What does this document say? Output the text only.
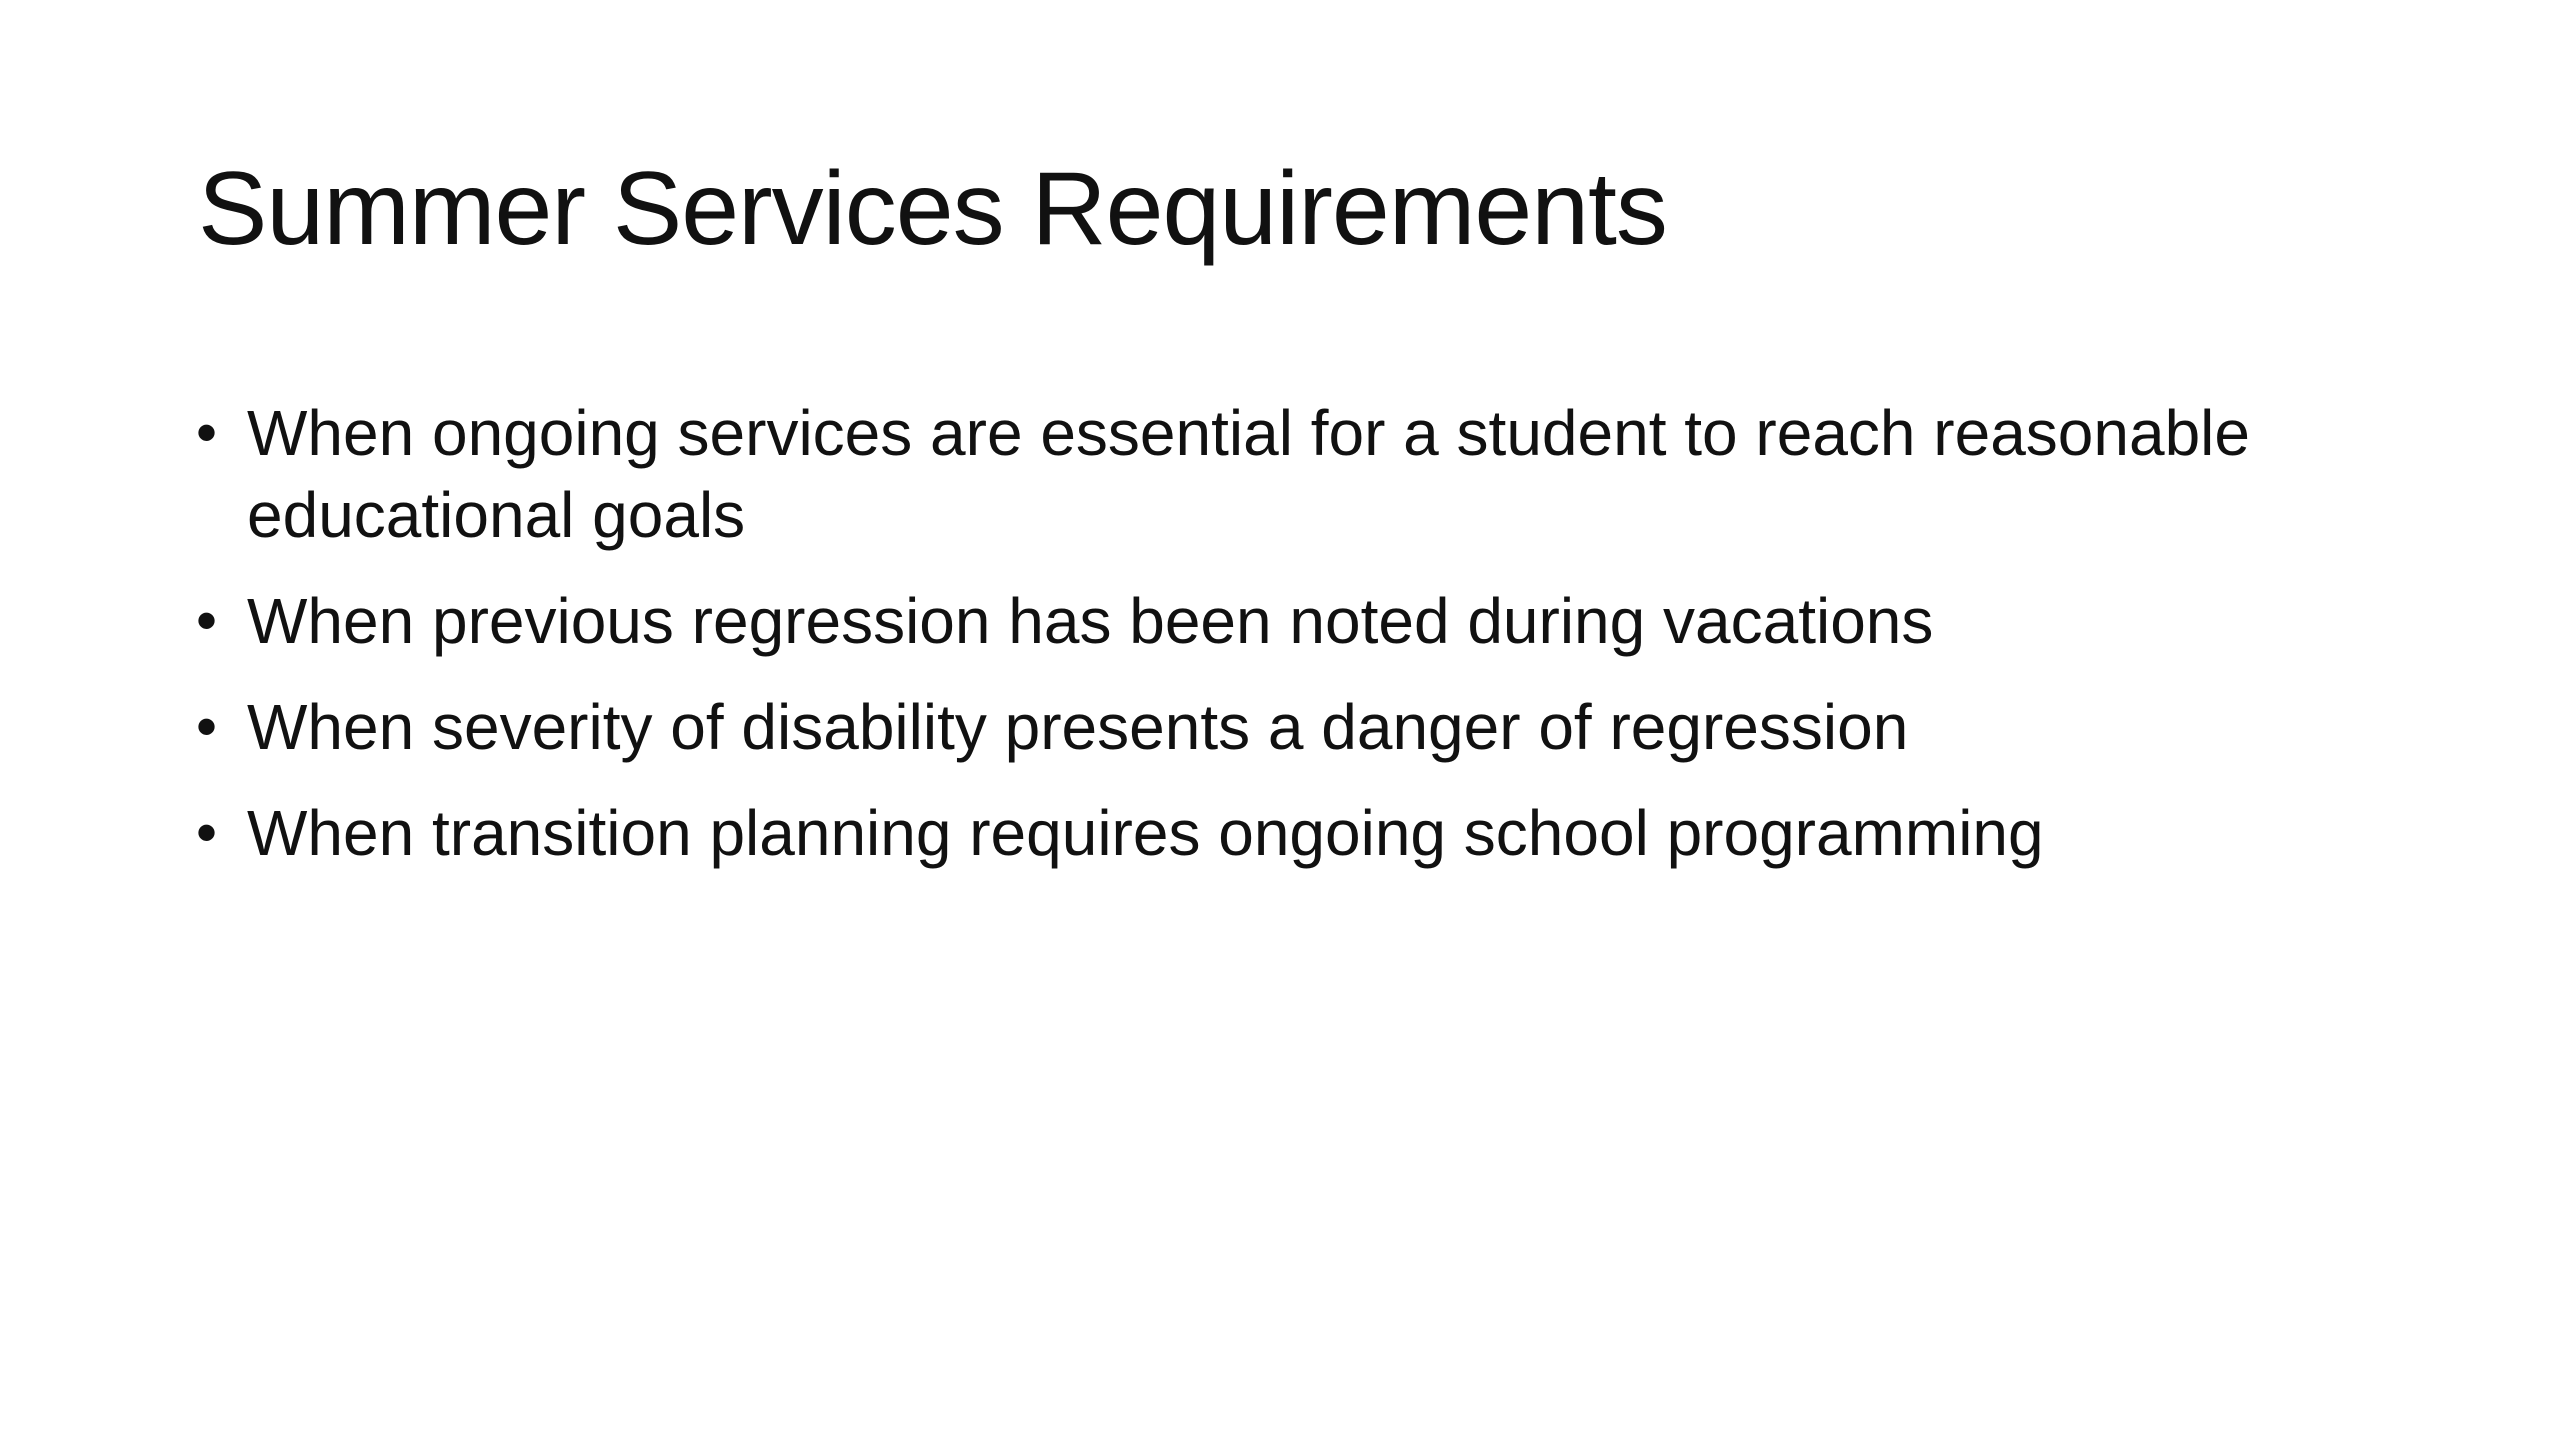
Summer Services Requirements
• When ongoing services are essential for a student to reach reasonable educational goals
• When previous regression has been noted during vacations
• When severity of disability presents a danger of regression
• When transition planning requires ongoing school programming
